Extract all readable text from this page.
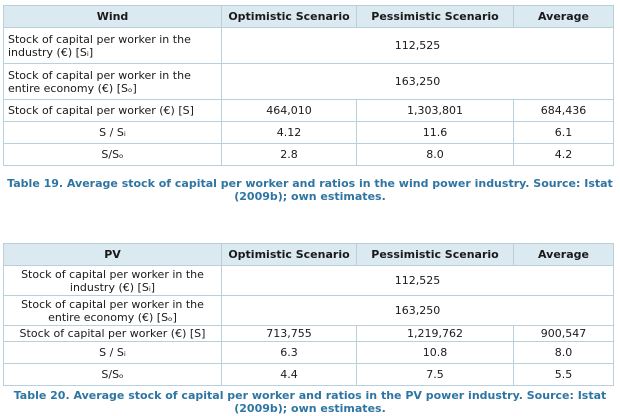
Wind	Optimistic Scenario	Pessimistic Scenario	Average
Stock of capital per worker in the industry (€) [Sᵢ]	112,525		
Stock of capital per worker in the entire economy (€) [Sₒ]	163,250		
Stock of capital per worker (€) [S]	464,010	1,303,801	684,436
S / Sᵢ	4.12	11.6	6.1
S/Sₒ	2.8	8.0	4.2
Table 19. Average stock of capital per worker and ratios in the wind power industry. Source: Istat (2009b); own estimates.
PV	Optimistic Scenario	Pessimistic Scenario	Average
Stock of capital per worker in the industry (€) [Sᵢ]	112,525		
Stock of capital per worker in the entire economy (€) [Sₒ]	163,250		
Stock of capital per worker (€) [S]	713,755	1,219,762	900,547
S / Sᵢ	6.3	10.8	8.0
S/Sₒ	4.4	7.5	5.5
Table 20. Average stock of capital per worker and ratios in the PV power industry. Source: Istat (2009b); own estimates.
